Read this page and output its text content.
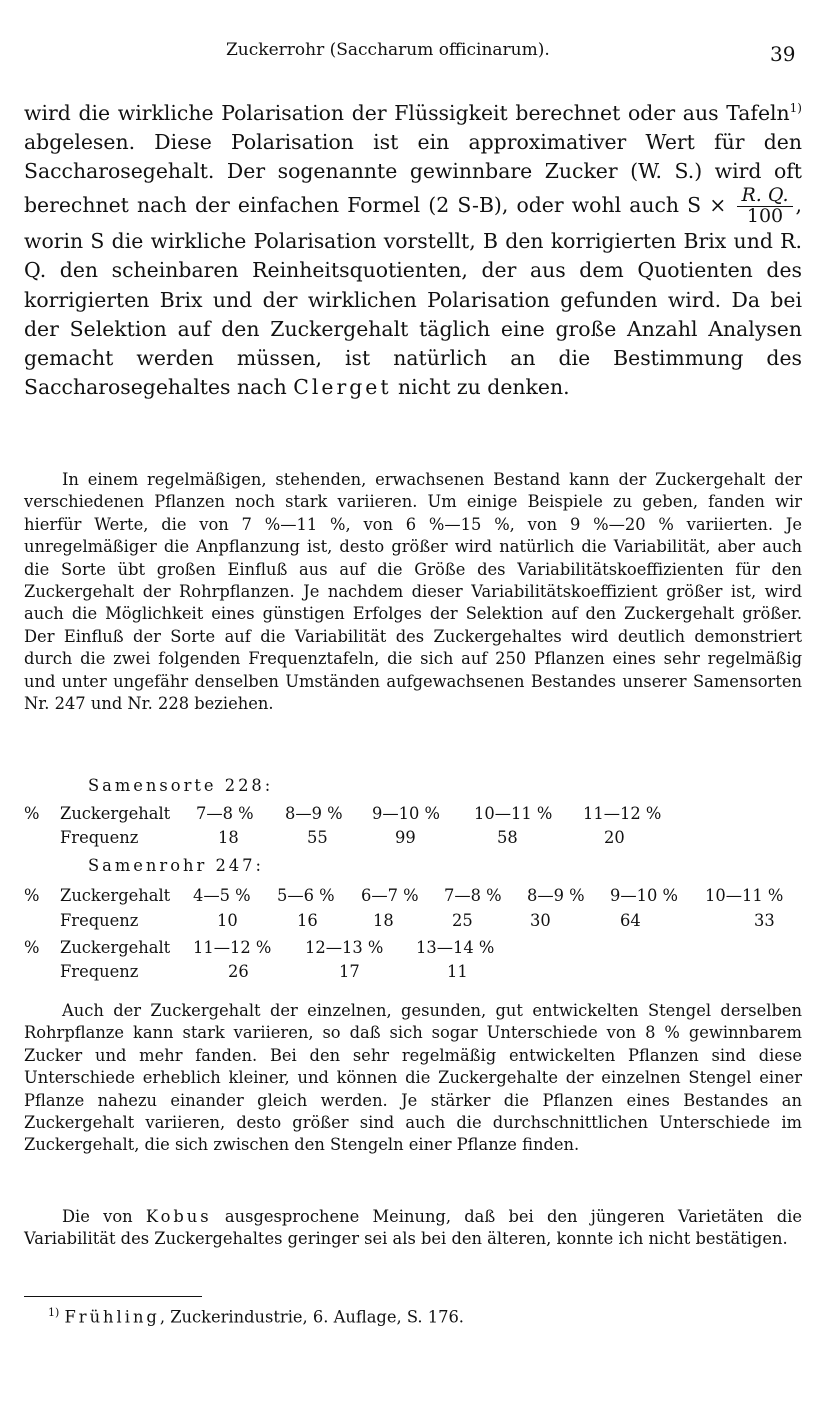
Zuckerrohr (Saccharum officinarum).	39

wird die wirkliche Polarisation der Flüssigkeit berechnet oder aus Tafeln$^{1)}$ abgelesen. Diese Polarisation ist ein approximativer Wert für den Saccharosegehalt. Der sogenannte gewinnbare Zucker (W. S.) wird oft berechnet nach der einfachen Formel (2 S-B), oder wohl auch $S \times \frac{R. Q.}{100}$ , worin S die wirkliche Polarisation vorstellt, B den korrigierten Brix und R. Q. den scheinbaren Reinheitsquotienten, der aus dem Quotienten des korrigierten Brix und der wirklichen Polarisation gefunden wird. Da bei der Selektion auf den Zuckergehalt täglich eine große Anzahl Analysen gemacht werden müssen, ist natürlich an die Bestimmung des Saccharosegehaltes nach Clerget nicht zu denken.

In einem regelmäßigen, stehenden, erwachsenen Bestand kann der Zuckergehalt der verschiedenen Pflanzen noch stark variieren. Um einige Beispiele zu geben, fanden wir hierfür Werte, die von 7 %—11 %, von 6 %—15 %, von 9 %—20 % variierten. Je unregelmäßiger die Anpflanzung ist, desto größer wird natürlich die Variabilität, aber auch die Sorte übt großen Einfluß aus auf die Größe des Variabilitätskoeffizienten für den Zuckergehalt der Rohrpflanzen. Je nachdem dieser Variabilitätskoeffizient größer ist, wird auch die Möglichkeit eines günstigen Erfolges der Selektion auf den Zuckergehalt größer. Der Einfluß der Sorte auf die Variabilität des Zuckergehaltes wird deutlich demonstriert durch die zwei folgenden Frequenztafeln, die sich auf 250 Pflanzen eines sehr regelmäßig und unter ungefähr denselben Umständen aufgewachsenen Bestandes unserer Samensorten Nr. 247 und Nr. 228 beziehen.

Samensorte 228:
% Zuckergehalt 7—8 % 8—9 % 9—10 % 10—11 % 11—12 %
Frequenz	18	55	99	58	20
Samenrohr 247:
% Zuckergehalt 4—5 % 5—6 % 6—7 % 7—8 % 8—9 % 9—10 % 10—11 %
Frequenz	10	16	18	25	30	64	33
% Zuckergehalt 11—12 % 12—13 % 13—14 %
Frequenz	26	17	11

Auch der Zuckergehalt der einzelnen, gesunden, gut entwickelten Stengel derselben Rohrpflanze kann stark variieren, so daß sich sogar Unterschiede von 8 % gewinnbarem Zucker und mehr fanden. Bei den sehr regelmäßig entwickelten Pflanzen sind diese Unterschiede erheblich kleiner, und können die Zuckergehalte der einzelnen Stengel einer Pflanze nahezu einander gleich werden. Je stärker die Pflanzen eines Bestandes an Zuckergehalt variieren, desto größer sind auch die durchschnittlichen Unterschiede im Zuckergehalt, die sich zwischen den Stengeln einer Pflanze finden.

Die von Kobus ausgesprochene Meinung, daß bei den jüngeren Varietäten die Variabilität des Zuckergehaltes geringer sei als bei den älteren, konnte ich nicht bestätigen.

$^{1)}$ Frühling, Zuckerindustrie, 6. Auflage, S. 176.
